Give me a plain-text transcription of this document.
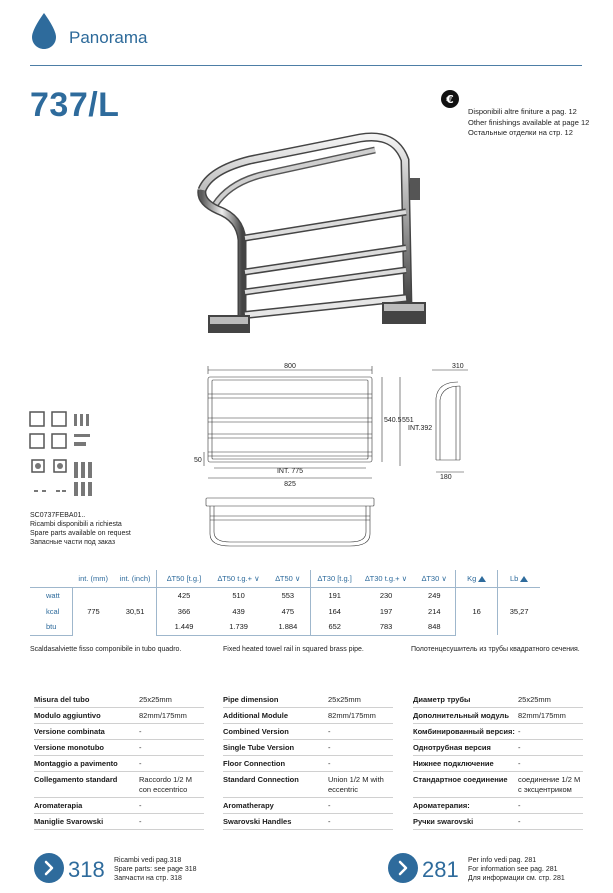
Panorama
737/L	€
Disponibili altre finiture a pag. 12
Other finishings available at page 12
Остальные отделки на стр. 12
800
540.5 551
50
INT. 775
825
310
INT.392
180
SC0737FEBA01..
Ricambi disponibili a richiesta
Spare parts available on request
Запасные части под заказ
	int. (mm)	int. (inch)	∆T50 [t.g.]	∆T50 t.g.+ ∨	∆T50 ∨	∆T30 [t.g.]	∆T30 t.g.+ ∨	∆T30 ∨	Kg	Lb
watt	775	30,51	425	510	553	191	230	249	16	35,27
kcal			366	439	475	164	197	214		
btu			1.449	1.739	1.884	652	783	848		
Scaldasalviette fisso componibile in tubo quadro.	Fixed heated towel rail in squared brass pipe.	Полотенцесушитель из трубы квадратного сечения.
Misura del tubo	25x25mm
Modulo aggiuntivo	82mm/175mm
Versione combinata	-
Versione monotubo	-
Montaggio a pavimento	-
Collegamento standard	Raccordo 1/2 M con eccentrico
Aromaterapia	-
Maniglie Svarowski	-
Pipe dimension	25x25mm
Additional Module	82mm/175mm
Combined Version	-
Single Tube Version	-
Floor Connection	-
Standard Connection	Union 1/2 M with eccentric
Aromatherapy	-
Swarovski Handles	-
Диаметр трубы	25x25mm
Дополнительный модуль	82mm/175mm
Комбинированный версия: -
Однотрубная версия	-
Нижнее подключение	-
Стандартное соединение	соединение 1/2 M с эксцентриком
Ароматерапия:	-
Ручки swarovski	-
318 Ricambi vedi pag.318
Spare parts: see page 318
Запчасти на стр. 318	281 Per info vedi pag. 281
For information see pag. 281
Для информации см. стр. 281
